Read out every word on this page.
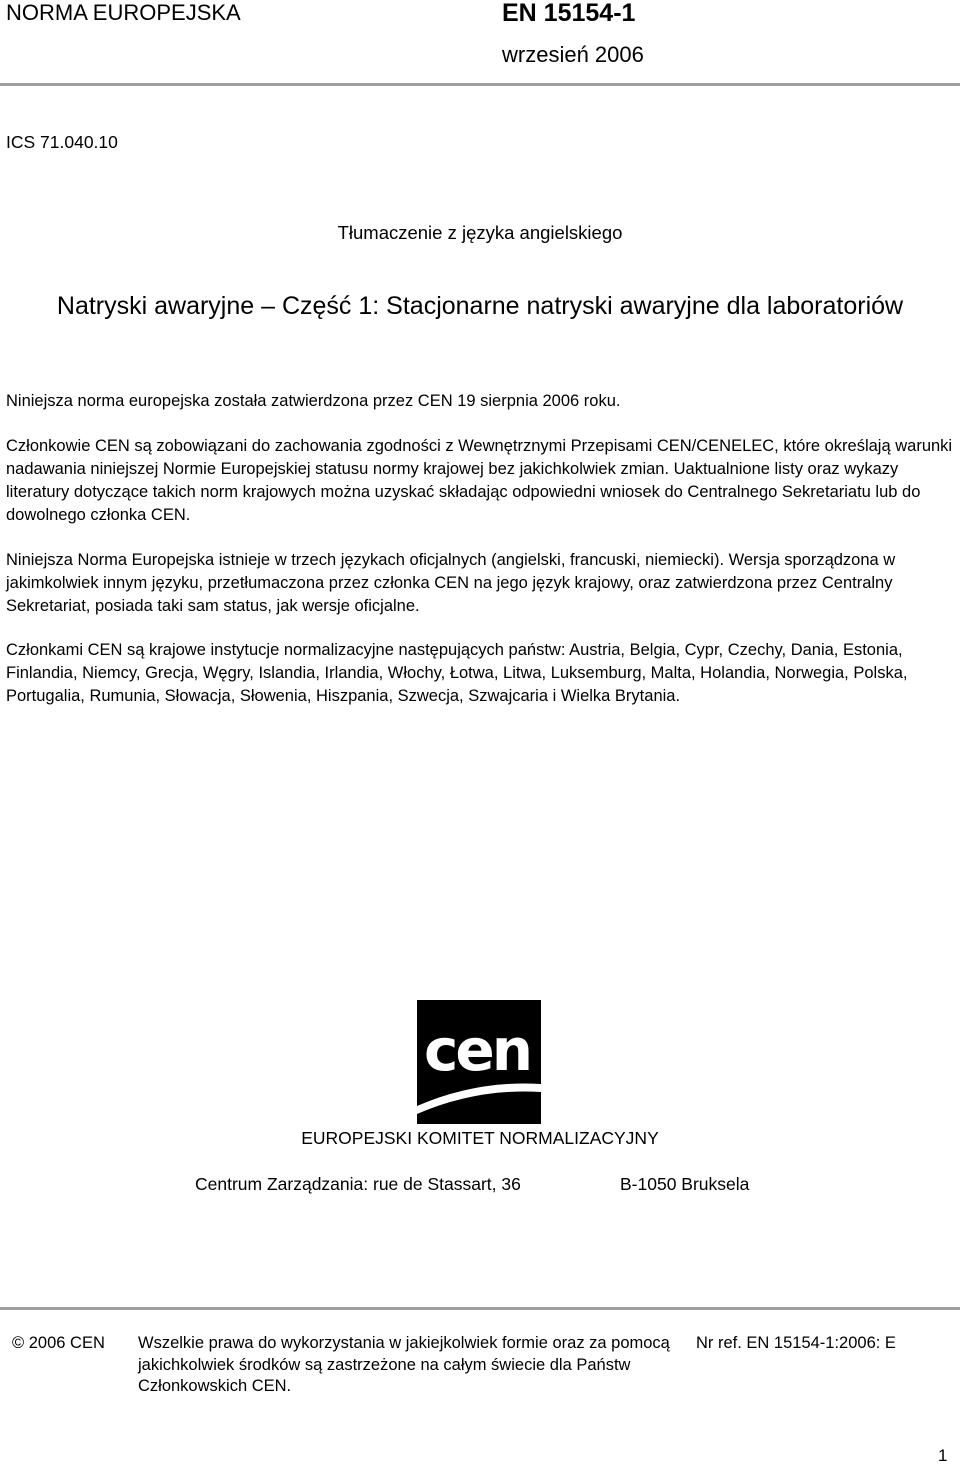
NORMA EUROPEJSKA	EN 15154-1
wrzesień 2006
ICS 71.040.10
Tłumaczenie z języka angielskiego
Natryski awaryjne – Część 1: Stacjonarne natryski awaryjne dla laboratoriów

Niniejsza norma europejska została zatwierdzona przez CEN 19 sierpnia 2006 roku.

Członkowie CEN są zobowiązani do zachowania zgodności z Wewnętrznymi Przepisami CEN/CENELEC, które określają warunki nadawania niniejszej Normie Europejskiej statusu normy krajowej bez jakichkolwiek zmian. Uaktualnione listy oraz wykazy literatury dotyczące takich norm krajowych można uzyskać składając odpowiedni wniosek do Centralnego Sekretariatu lub do dowolnego członka CEN.

Niniejsza Norma Europejska istnieje w trzech językach oficjalnych (angielski, francuski, niemiecki). Wersja sporządzona w jakimkolwiek innym języku, przetłumaczona przez członka CEN na jego język krajowy, oraz zatwierdzona przez Centralny Sekretariat, posiada taki sam status, jak wersje oficjalne.

Członkami CEN są krajowe instytucje normalizacyjne następujących państw: Austria, Belgia, Cypr, Czechy, Dania, Estonia, Finlandia, Niemcy, Grecja, Węgry, Islandia, Irlandia, Włochy, Łotwa, Litwa, Luksemburg, Malta, Holandia, Norwegia, Polska, Portugalia, Rumunia, Słowacja, Słowenia, Hiszpania, Szwecja, Szwajcaria i Wielka Brytania.

cen
EUROPEJSKI KOMITET NORMALIZACYJNY
Centrum Zarządzania: rue de Stassart, 36	B-1050 Bruksela
© 2006 CEN Wszelkie prawa do wykorzystania w jakiejkolwiek formie oraz za pomocą jakichkolwiek środków są zastrzeżone na całym świecie dla Państw Członkowskich CEN.
Nr ref. EN 15154-1:2006: E
1
